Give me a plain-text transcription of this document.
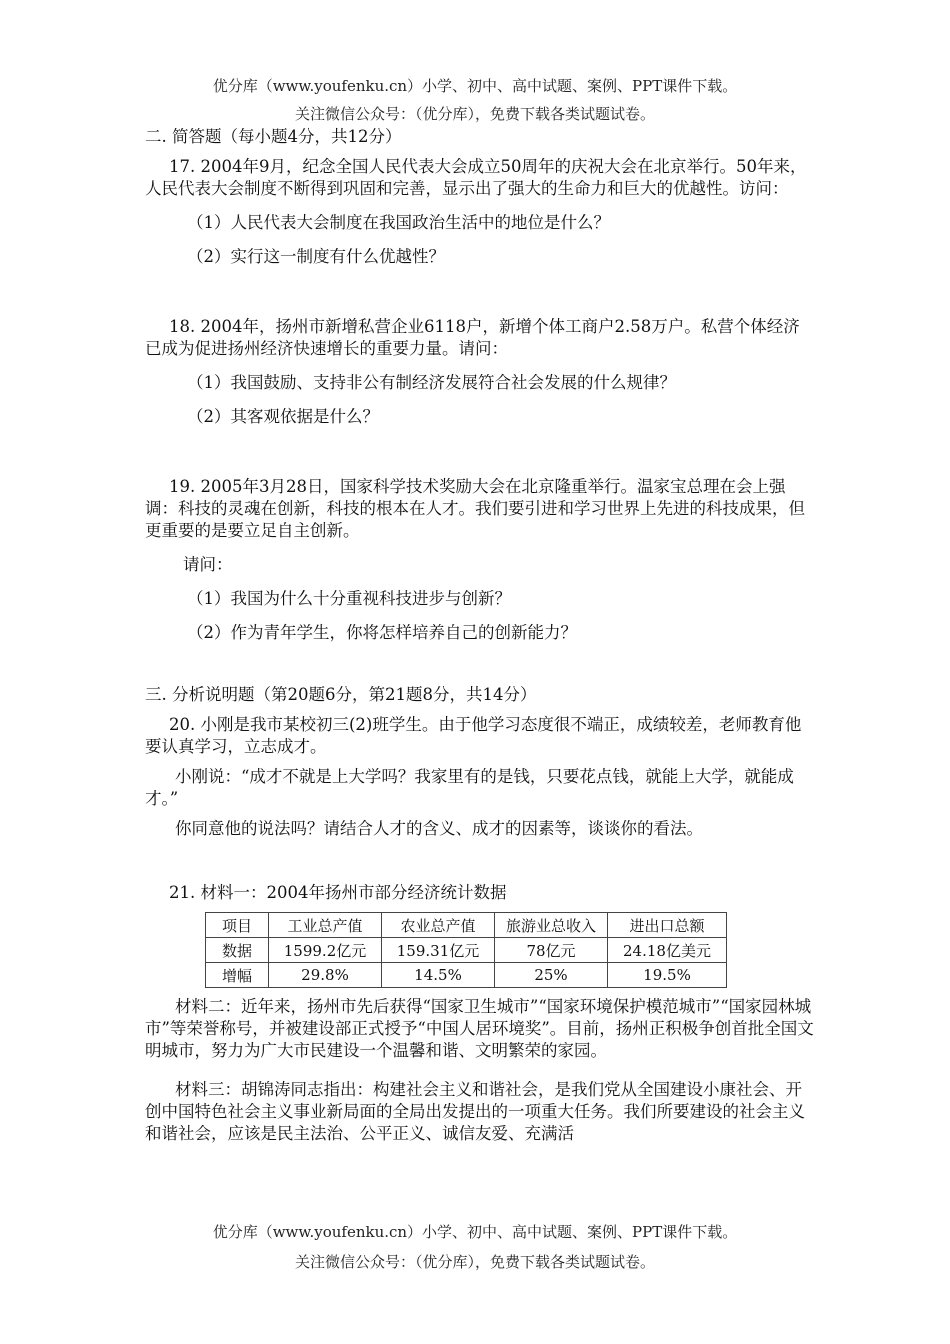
优分库（www.youfenku.cn）小学、初中、高中试题、案例、PPT课件下载。
关注微信公众号：（优分库），免费下载各类试题试卷。

二. 简答题（每小题4分，共12分）

17. 2004年9月，纪念全国人民代表大会成立50周年的庆祝大会在北京举行。50年来，人民代表大会制度不断得到巩固和完善，显示出了强大的生命力和巨大的优越性。访问：

（1）人民代表大会制度在我国政治生活中的地位是什么？

（2）实行这一制度有什么优越性？

18. 2004年，扬州市新增私营企业6118户，新增个体工商户2.58万户。私营个体经济已成为促进扬州经济快速增长的重要力量。请问：

（1）我国鼓励、支持非公有制经济发展符合社会发展的什么规律？

（2）其客观依据是什么？

19. 2005年3月28日，国家科学技术奖励大会在北京隆重举行。温家宝总理在会上强调：科技的灵魂在创新，科技的根本在人才。我们要引进和学习世界上先进的科技成果，但更重要的是要立足自主创新。

请问：

（1）我国为什么十分重视科技进步与创新？

（2）作为青年学生，你将怎样培养自己的创新能力？

三. 分析说明题（第20题6分，第21题8分，共14分）

20. 小刚是我市某校初三(2)班学生。由于他学习态度很不端正，成绩较差，老师教育他要认真学习，立志成才。

小刚说：“成才不就是上大学吗？我家里有的是钱，只要花点钱，就能上大学，就能成才。”

你同意他的说法吗？请结合人才的含义、成才的因素等，谈谈你的看法。

21. 材料一：2004年扬州市部分经济统计数据

项目	工业总产值	农业总产值	旅游业总收入	进出口总额
数据	1599.2亿元	159.31亿元	78亿元	24.18亿美元
增幅	29.8%	14.5%	25%	19.5%

材料二：近年来，扬州市先后获得“国家卫生城市”“国家环境保护模范城市”“国家园林城市”等荣誉称号，并被建设部正式授予“中国人居环境奖”。目前，扬州正积极争创首批全国文明城市，努力为广大市民建设一个温馨和谐、文明繁荣的家园。

材料三：胡锦涛同志指出：构建社会主义和谐社会，是我们党从全国建设小康社会、开创中国特色社会主义事业新局面的全局出发提出的一项重大任务。我们所要建设的社会主义和谐社会，应该是民主法治、公平正义、诚信友爱、充满活

优分库（www.youfenku.cn）小学、初中、高中试题、案例、PPT课件下载。
关注微信公众号：（优分库），免费下载各类试题试卷。
